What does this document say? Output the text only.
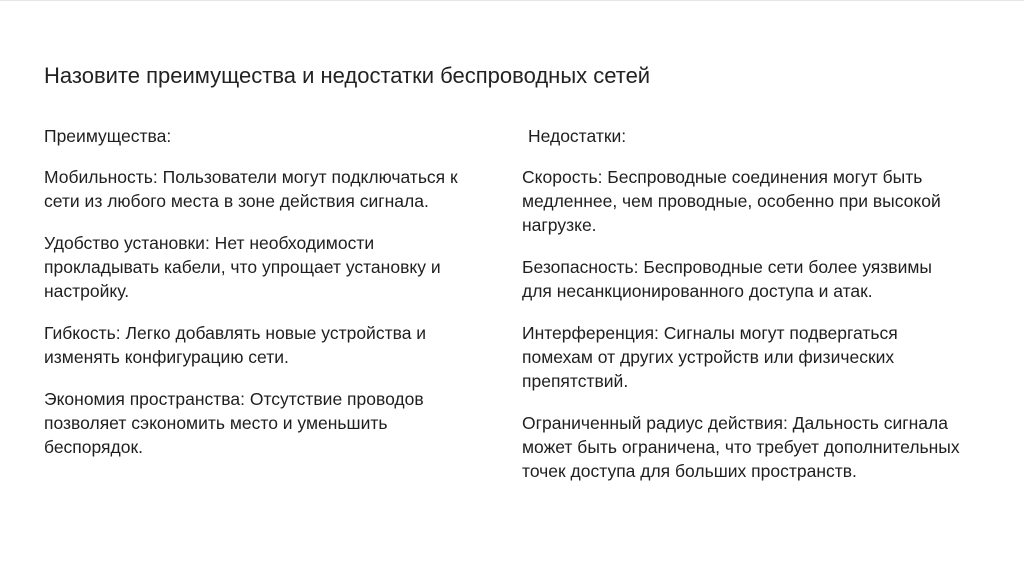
Назовите преимущества и недостатки беспроводных сетей
Преимущества:
Мобильность: Пользователи могут подключаться к сети из любого места в зоне действия сигнала.
Удобство установки: Нет необходимости прокладывать кабели, что упрощает установку и настройку.
Гибкость: Легко добавлять новые устройства и изменять конфигурацию сети.
Экономия пространства: Отсутствие проводов позволяет сэкономить место и уменьшить беспорядок.
Недостатки:
Скорость: Беспроводные соединения могут быть медленнее, чем проводные, особенно при высокой нагрузке.
Безопасность: Беспроводные сети более уязвимы для несанкционированного доступа и атак.
Интерференция: Сигналы могут подвергаться помехам от других устройств или физических препятствий.
Ограниченный радиус действия: Дальность сигнала может быть ограничена, что требует дополнительных точек доступа для больших пространств.
